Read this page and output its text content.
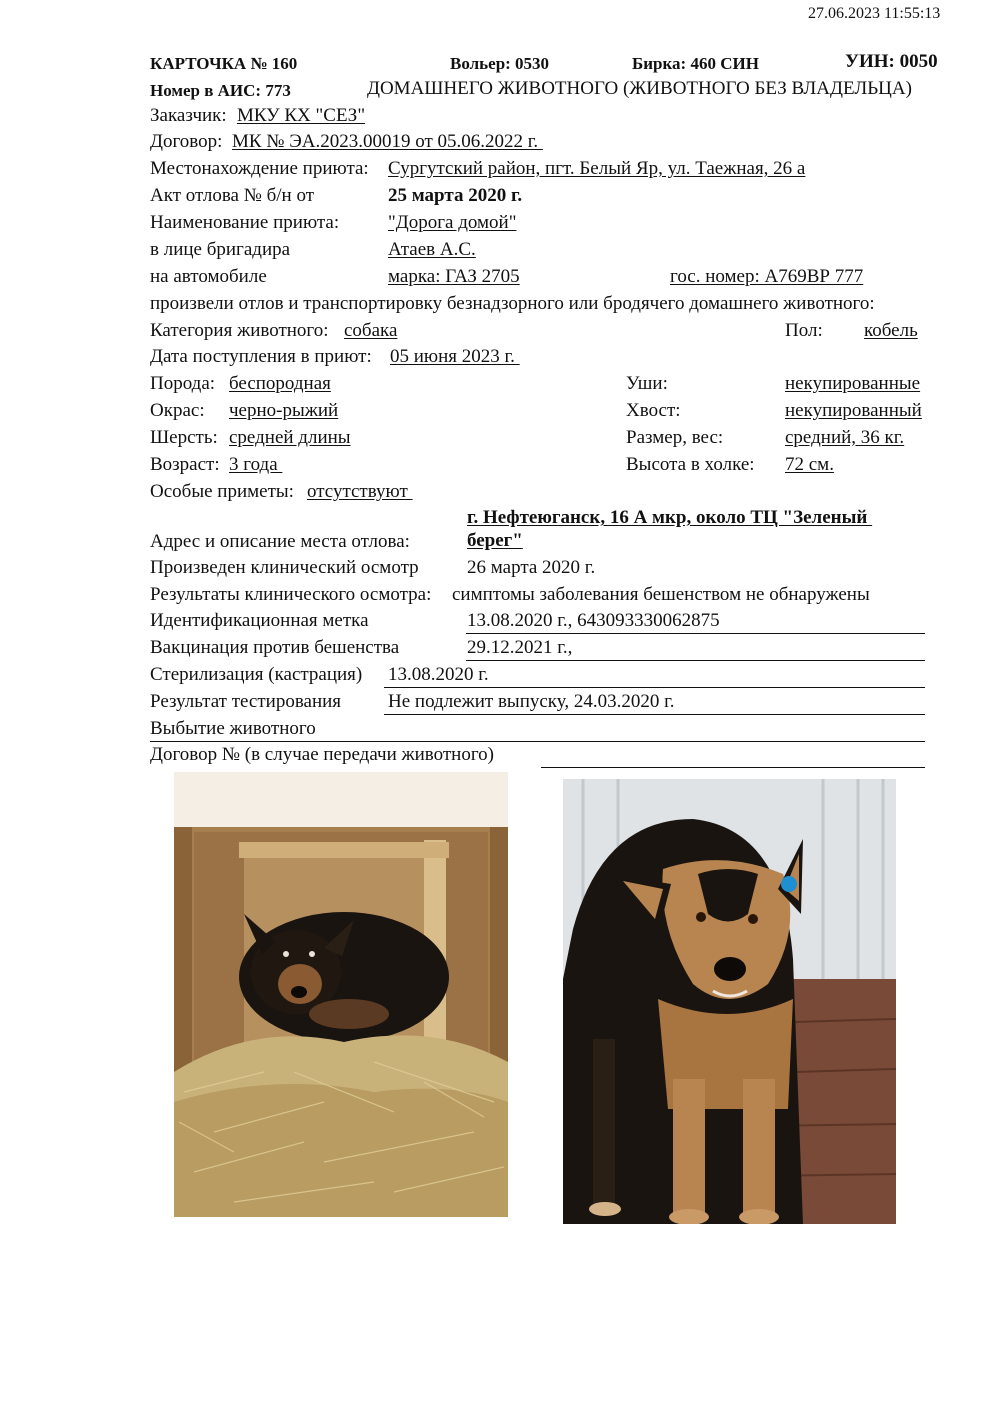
27.06.2023 11:55:13
КАРТОЧКА № 160	Вольер: 0530	Бирка: 460 СИН	УИН: 0050
Номер в АИС: 773	ДОМАШНЕГО ЖИВОТНОГО (ЖИВОТНОГО БЕЗ ВЛАДЕЛЬЦА)
Заказчик: МКУ КХ "СЕЗ"
Договор: МК № ЭА.2023.00019 от 05.06.2022 г.
Местонахождение приюта: Сургутский район, пгт. Белый Яр, ул. Таежная, 26 а
Акт отлова № б/н от	25 марта 2020 г.
Наименование приюта:	"Дорога домой"
в лице бригадира	Атаев А.С.
на автомобиле	марка: ГАЗ 2705	гос. номер: А769ВР 777
произвели отлов и транспортировку безнадзорного или бродячего домашнего животного:
Категория животного: собака	Пол: кобель
Дата поступления в приют: 05 июня 2023 г.
Порода: беспородная	Уши:	некупированные
Окрас: черно-рыжий	Хвост:	некупированный
Шерсть: средней длины	Размер, вес:	средний, 36 кг.
Возраст: 3 года	Высота в холке: 72 см.
Особые приметы: отсутствуют
г. Нефтеюганск, 16 А мкр, около ТЦ "Зеленый
Адрес и описание места отлова:	берег"
Произведен клинический осмотр	26 марта 2020 г.
Результаты клинического осмотра: симптомы заболевания бешенством не обнаружены
Идентификационная метка	13.08.2020 г., 643093330062875
Вакцинация против бешенства	29.12.2021 г.,
Стерилизация (кастрация) 13.08.2020 г.
Результат тестирования Не подлежит выпуску, 24.03.2020 г.
Выбытие животного
Договор № (в случае передачи животного)
